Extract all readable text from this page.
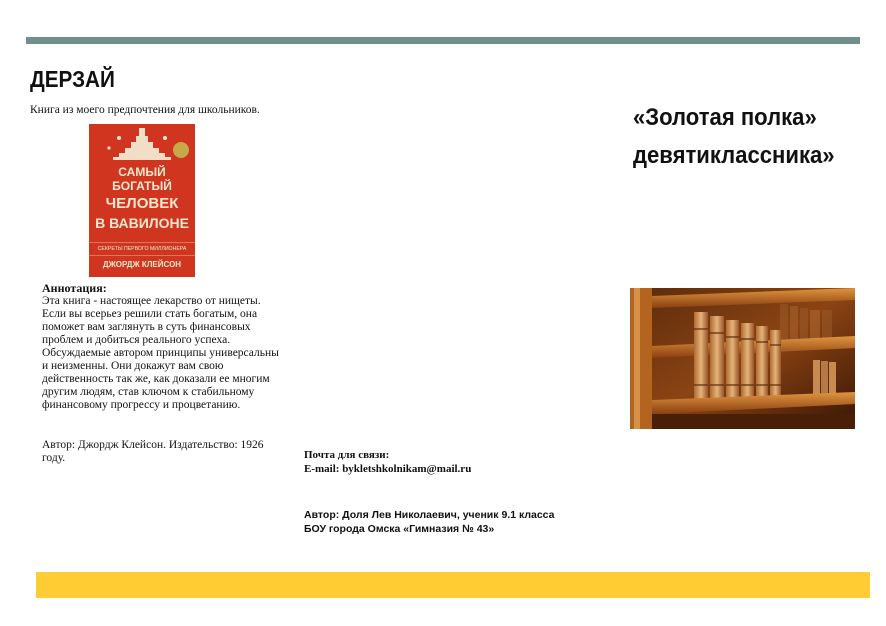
ДЕРЗАЙ
Книга из моего предпочтения для школьников.
САМЫЙ
БОГАТЫЙ
ЧЕЛОВЕК
В ВАВИЛОНЕ
СЕКРЕТЫ ПЕРВОГО МИЛЛИОНЕРА
ДЖОРДЖ КЛЕЙСОН
Аннотация:
Эта книга - настоящее лекарство от нищеты.
Если вы всерьез решили стать богатым, она
поможет вам заглянуть в суть финансовых
проблем и добиться реального успеха.
Обсуждаемые автором принципы универсальны
и неизменны. Они докажут вам свою
действенность так же, как доказали ее многим
другим людям, став ключом к стабильному
финансовому прогрессу и процветанию.
Автор: Джордж Клейсон. Издательство: 1926 году.	Почта для связи:
E-mail: bykletshkolnikam@mail.ru
Автор: Доля Лев Николаевич, ученик 9.1 класса
БОУ города Омска «Гимназия № 43»
«Золотая полка»
девятиклассника»
